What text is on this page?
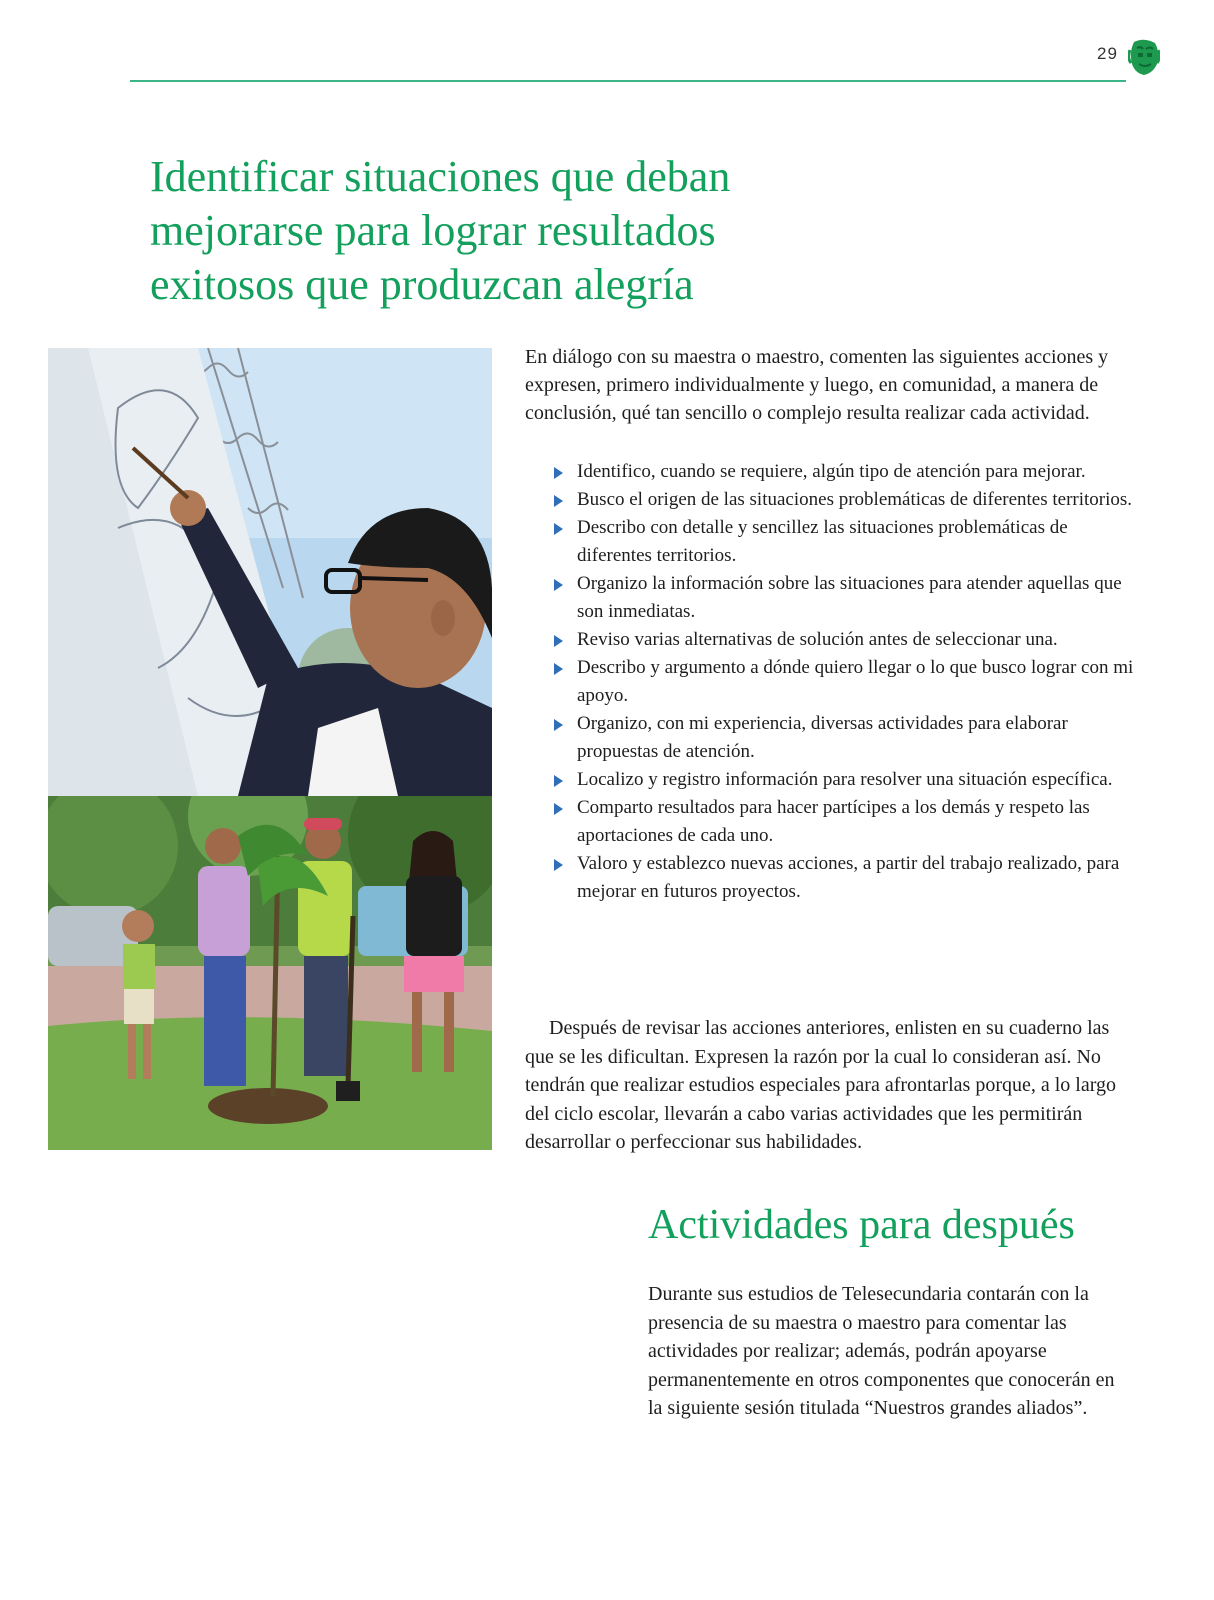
29
Identificar situaciones que deban mejorarse para lograr resultados exitosos que produzcan alegría

En diálogo con su maestra o maestro, comenten las siguientes acciones y expresen, primero individualmente y luego, en comunidad, a manera de conclusión, qué tan sencillo o complejo resulta realizar cada actividad.

Identifico, cuando se requiere, algún tipo de atención para mejorar.
Busco el origen de las situaciones problemáticas de diferentes territorios.
Describo con detalle y sencillez las situaciones problemáticas de diferentes territorios.
Organizo la información sobre las situaciones para atender aquellas que son inmediatas.
Reviso varias alternativas de solución antes de seleccionar una.
Describo y argumento a dónde quiero llegar o lo que busco lograr con mi apoyo.
Organizo, con mi experiencia, diversas actividades para elaborar propuestas de atención.
Localizo y registro información para resolver una situación específica.
Comparto resultados para hacer partícipes a los demás y respeto las aportaciones de cada uno.
Valoro y establezco nuevas acciones, a partir del trabajo realizado, para mejorar en futuros proyectos.

Después de revisar las acciones anteriores, enlisten en su cuaderno las que se les dificultan. Expresen la razón por la cual lo consideran así. No tendrán que realizar estudios especiales para afrontarlas porque, a lo largo del ciclo escolar, llevarán a cabo varias actividades que les permitirán desarrollar o perfeccionar sus habilidades.

Actividades para después

Durante sus estudios de Telesecundaria contarán con la presencia de su maestra o maestro para comentar las actividades por realizar; además, podrán apoyarse permanentemente en otros componentes que conocerán en la siguiente sesión titulada “Nuestros grandes aliados”.
